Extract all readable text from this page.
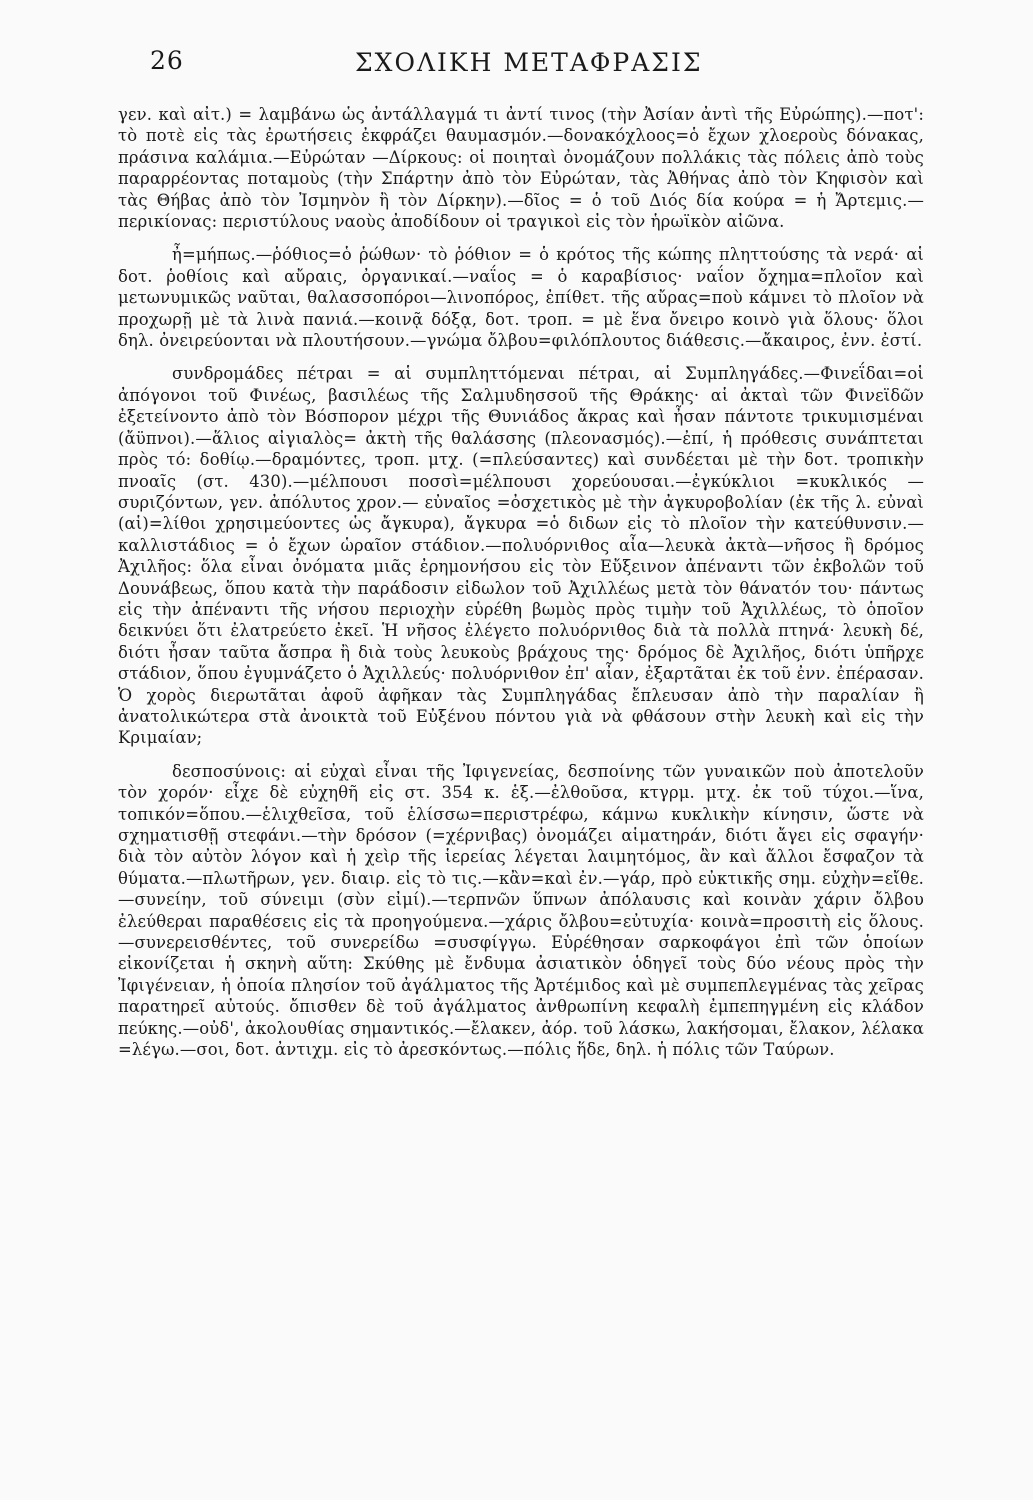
26	ΣΧΟΛΙΚΗ ΜΕΤΑΦΡΑΣΙΣ

γεν. καὶ αἰτ.) = λαμβάνω ὡς ἀντάλλαγμά τι ἀντί τινος (τὴν Ἀσίαν ἀντὶ τῆς Εὐρώπης).—ποτ': τὸ ποτὲ εἰς τὰς ἐρωτήσεις ἐκφράζει θαυμασμόν.—δονακόχλοος=ὁ ἔχων χλοεροὺς δόνακας, πράσινα καλάμια.—Εὐρώταν —Δίρκους: οἱ ποιηταὶ ὀνομάζουν πολλάκις τὰς πόλεις ἀπὸ τοὺς παραρρέοντας ποταμοὺς (τὴν Σπάρτην ἀπὸ τὸν Εὐρώταν, τὰς Ἀθήνας ἀπὸ τὸν Κηφισὸν καὶ τὰς Θήβας ἀπὸ τὸν Ἰσμηνὸν ἢ τὸν Δίρκην).—δῖος = ὁ τοῦ Διός δία κούρα = ἡ Ἄρτεμις.— περικίονας: περιστύλους ναοὺς ἀποδίδουν οἱ τραγικοὶ εἰς τὸν ἡρωϊκὸν αἰῶνα.

ἦ=μήπως.—ῥόθιος=ὁ ῥώθων· τὸ ῥόθιον = ὁ κρότος τῆς κώπης πληττούσης τὰ νερά· αἱ δοτ. ῥοθίοις καὶ αὔραις, ὀργανικαί.—ναΐος = ὁ καραβίσιος· ναΐον ὄχημα=πλοῖον καὶ μετωνυμικῶς ναῦται, θαλασσοπόροι—λινοπόρος, ἐπίθετ. τῆς αὔρας=ποὺ κάμνει τὸ πλοῖον νὰ προχωρῇ μὲ τὰ λινὰ πανιά.—κοινᾷ δόξᾳ, δοτ. τροπ. = μὲ ἕνα ὄνειρο κοινὸ γιὰ ὅλους· ὅλοι δηλ. ὀνειρεύονται νὰ πλουτήσουν.—γνώμα ὄλβου=φιλόπλουτος διάθεσις.—ἄκαιρος, ἐνν. ἐστί.

συνδρομάδες πέτραι = αἱ συμπληττόμεναι πέτραι, αἱ Συμπληγάδες.—Φινεΐδαι=οἱ ἀπόγονοι τοῦ Φινέως, βασιλέως τῆς Σαλμυδησσοῦ τῆς Θράκης· αἱ ἀκταὶ τῶν Φινεϊδῶν ἐξετείνοντο ἀπὸ τὸν Βόσπορον μέχρι τῆς Θυνιάδος ἄκρας καὶ ἦσαν πάντοτε τρικυμισμέναι (ἄϋπνοι).—ἅλιος αἰγιαλὸς= ἀκτὴ τῆς θαλάσσης (πλεονασμός).—ἐπί, ἡ πρόθεσις συνάπτεται πρὸς τό: δοθίῳ.—δραμόντες, τροπ. μτχ. (=πλεύσαντες) καὶ συνδέεται μὲ τὴν δοτ. τροπικὴν πνοαῖς (στ. 430).—μέλπουσι ποσσὶ=μέλπουσι χορεύουσαι.—ἐγκύκλιοι =κυκλικός —συριζόντων, γεν. ἀπόλυτος χρον.— εὐναῖος =ὀσχετικὸς μὲ τὴν ἀγκυροβολίαν (ἐκ τῆς λ. εὐναὶ (αἱ)=λίθοι χρησιμεύοντες ὡς ἄγκυρα), ἄγκυρα =ὁ διδων εἰς τὸ πλοῖον τὴν κατεύθυνσιν.—καλλιστάδιος = ὁ ἔχων ὡραῖον στάδιον.—πολυόρνιθος αἶα—λευκὰ ἀκτὰ—νῆσος ἢ δρόμος Ἀχιλῆος: ὅλα εἶναι ὀνόματα μιᾶς ἐρημονήσου εἰς τὸν Εὔξεινον ἀπέναντι τῶν ἐκβολῶν τοῦ Δουνάβεως, ὅπου κατὰ τὴν παράδοσιν εἰδωλον τοῦ Ἀχιλλέως μετὰ τὸν θάνατόν του· πάντως εἰς τὴν ἀπέναντι τῆς νήσου περιοχὴν εὑρέθη βωμὸς πρὸς τιμὴν τοῦ Ἀχιλλέως, τὸ ὁποῖον δεικνύει ὅτι ἐλατρεύετο ἐκεῖ. Ἡ νῆσος ἐλέγετο πολυόρνιθος διὰ τὰ πολλὰ πτηνά· λευκὴ δέ, διότι ἦσαν ταῦτα ἄσπρα ἢ διὰ τοὺς λευκοὺς βράχους της· δρόμος δὲ Ἀχιλῆος, διότι ὑπῆρχε στάδιον, ὅπου ἐγυμνάζετο ὁ Ἀχιλλεύς· πολυόρνιθον ἐπ' αἶαν, ἐξαρτᾶται ἐκ τοῦ ἐνν. ἐπέρασαν. Ὁ χορὸς διερωτᾶται ἀφοῦ ἀφῆκαν τὰς Συμπληγάδας ἔπλευσαν ἀπὸ τὴν παραλίαν ἢ ἀνατολικώτερα στὰ ἀνοικτὰ τοῦ Εὐξένου πόντου γιὰ νὰ φθάσουν στὴν λευκὴ καὶ εἰς τὴν Κριμαίαν;

δεσποσύνοις: αἱ εὐχαὶ εἶναι τῆς Ἰφιγενείας, δεσποίνης τῶν γυναικῶν ποὺ ἀποτελοῦν τὸν χορόν· εἶχε δὲ εὐχηθῆ εἰς στ. 354 κ. ἑξ.—ἐλθοῦσα, κτγρμ. μτχ. ἐκ τοῦ τύχοι.—ἵνα, τοπικόν=ὅπου.—ἑλιχθεῖσα, τοῦ ἑλίσσω=περιστρέφω, κάμνω κυκλικὴν κίνησιν, ὥστε νὰ σχηματισθῇ στεφάνι.—τὴν δρόσον (=χέρνιβας) ὀνομάζει αἱματηράν, διότι ἄγει εἰς σφαγήν· διὰ τὸν αὐτὸν λόγον καὶ ἡ χεὶρ τῆς ἱερείας λέγεται λαιμητόμος, ἂν καὶ ἄλλοι ἔσφαζον τὰ θύματα.—πλωτῆρων, γεν. διαιρ. εἰς τὸ τις.—κἂν=καὶ ἐν.—γάρ, πρὸ εὐκτικῆς σημ. εὐχὴν=εἴθε.—συνείην, τοῦ σύνειμι (σὺν εἰμί).—τερπνῶν ὕπνων ἀπόλαυσις καὶ κοινὰν χάριν ὄλβου ἐλεύθεραι παραθέσεις εἰς τὰ προηγούμενα.—χάρις ὄλβου=εὐτυχία· κοινὰ=προσιτὴ εἰς ὅλους.—συνερεισθέντες, τοῦ συνερείδω =συσφίγγω. Εὑρέθησαν σαρκοφάγοι ἐπὶ τῶν ὁποίων εἰκονίζεται ἡ σκηνὴ αὕτη: Σκύθης μὲ ἔνδυμα ἀσιατικὸν ὁδηγεῖ τοὺς δύο νέους πρὸς τὴν Ἰφιγένειαν, ἡ ὁποία πλησίον τοῦ ἀγάλματος τῆς Ἀρτέμιδος καὶ μὲ συμπεπλεγμένας τὰς χεῖρας παρατηρεῖ αὐτούς. ὄπισθεν δὲ τοῦ ἀγάλματος ἀνθρωπίνη κεφαλὴ ἐμπεπηγμένη εἰς κλάδον πεύκης.—οὐδ', ἀκολουθίας σημαντικός.—ἔλακεν, ἀόρ. τοῦ λάσκω, λακήσομαι, ἔλακον, λέλακα =λέγω.—σοι, δοτ. ἀντιχμ. εἰς τὸ ἀρεσκόντως.—πόλις ἥδε, δηλ. ἡ πόλις τῶν Ταύρων.
